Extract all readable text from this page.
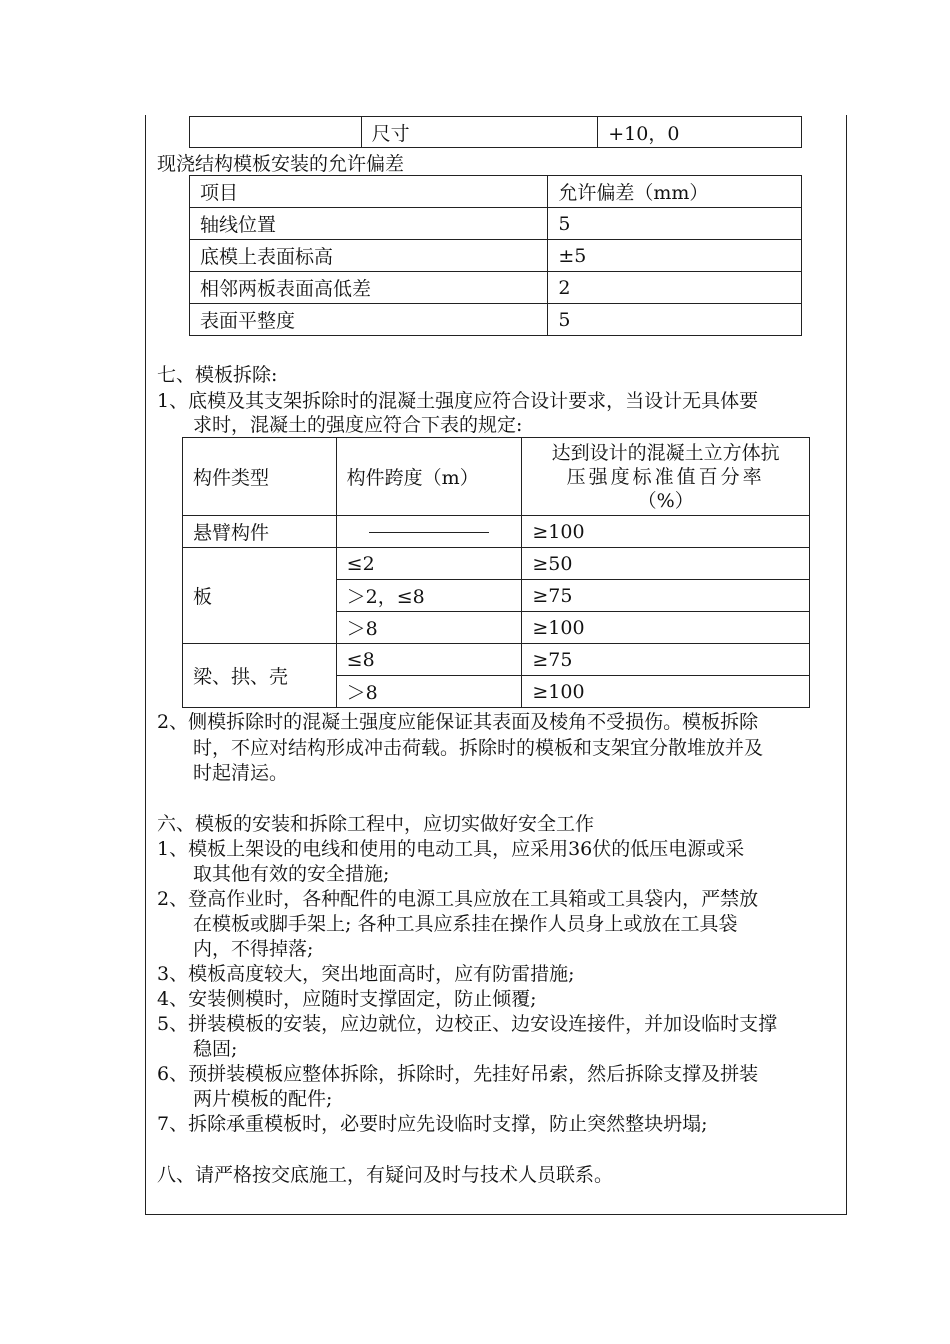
	尺寸	+10，0
现浇结构模板安装的允许偏差
项目	允许偏差（mm）
轴线位置	5
底模上表面标高	±5
相邻两板表面高低差	2
表面平整度	5
七、模板拆除:
1、底模及其支架拆除时的混凝土强度应符合设计要求，当设计无具体要
求时，混凝土的强度应符合下表的规定:
构件类型	构件跨度（m）	达到设计的混凝土立方体抗
压强度标准值百分率
（%）

悬臂构件		≥100
板	≤2	≥50
	＞2，≤8	≥75
	＞8	≥100
梁、拱、壳	≤8	≥75
	＞8	≥100
2、侧模拆除时的混凝土强度应能保证其表面及棱角不受损伤。模板拆除
时，不应对结构形成冲击荷载。拆除时的模板和支架宜分散堆放并及
时起清运。
六、模板的安装和拆除工程中，应切实做好安全工作
1、模板上架设的电线和使用的电动工具，应采用36伏的低压电源或采
取其他有效的安全措施;
2、登高作业时，各种配件的电源工具应放在工具箱或工具袋内，严禁放
在模板或脚手架上; 各种工具应系挂在操作人员身上或放在工具袋
内，不得掉落;
3、模板高度较大，突出地面高时，应有防雷措施;
4、安装侧模时，应随时支撑固定，防止倾覆;
5、拼装模板的安装，应边就位，边校正、边安设连接件，并加设临时支撑
稳固;
6、预拼装模板应整体拆除，拆除时，先挂好吊索，然后拆除支撑及拼装
两片模板的配件;
7、拆除承重模板时，必要时应先设临时支撑，防止突然整块坍塌;
八、请严格按交底施工，有疑问及时与技术人员联系。
